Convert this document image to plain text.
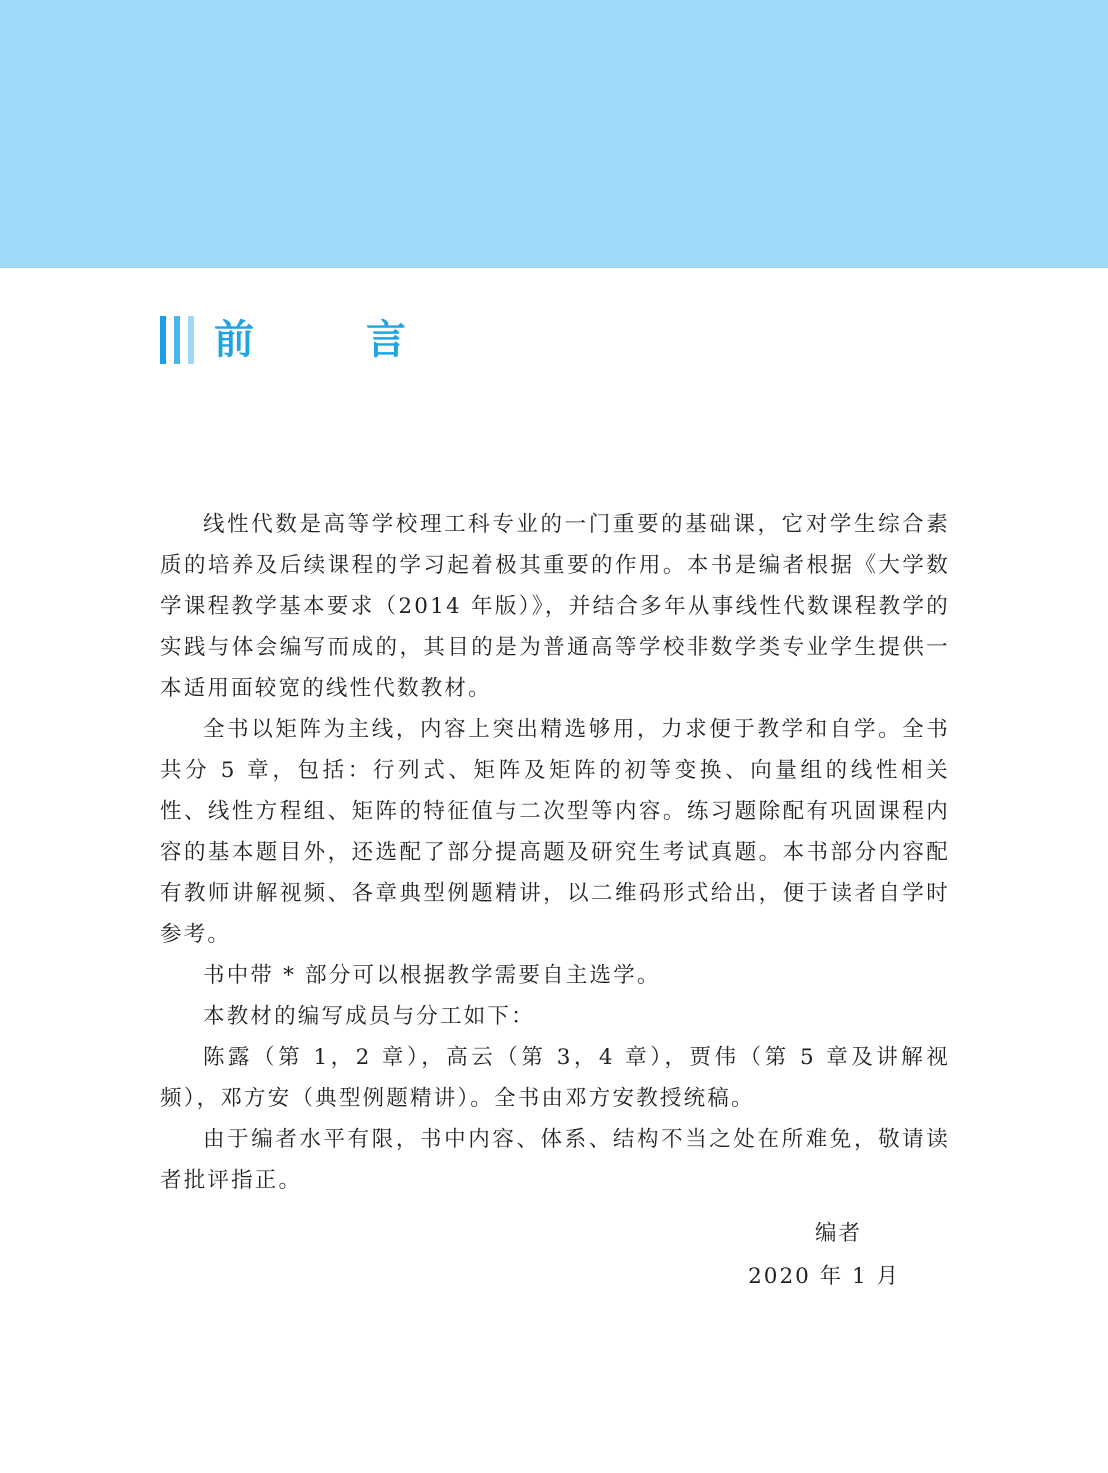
前　言

线性代数是高等学校理工科专业的一门重要的基础课，它对学生综合素质的培养及后续课程的学习起着极其重要的作用。本书是编者根据《大学数学课程教学基本要求（2014 年版）》，并结合多年从事线性代数课程教学的实践与体会编写而成的，其目的是为普通高等学校非数学类专业学生提供一本适用面较宽的线性代数教材。

全书以矩阵为主线，内容上突出精选够用，力求便于教学和自学。全书共分 5 章，包括：行列式、矩阵及矩阵的初等变换、向量组的线性相关性、线性方程组、矩阵的特征值与二次型等内容。练习题除配有巩固课程内容的基本题目外，还选配了部分提高题及研究生考试真题。本书部分内容配有教师讲解视频、各章典型例题精讲，以二维码形式给出，便于读者自学时参考。

书中带 * 部分可以根据教学需要自主选学。

本教材的编写成员与分工如下：

陈露（第 1，2 章），高云（第 3，4 章），贾伟（第 5 章及讲解视频），邓方安（典型例题精讲）。全书由邓方安教授统稿。

由于编者水平有限，书中内容、体系、结构不当之处在所难免，敬请读者批评指正。

编者
2020 年 1 月
